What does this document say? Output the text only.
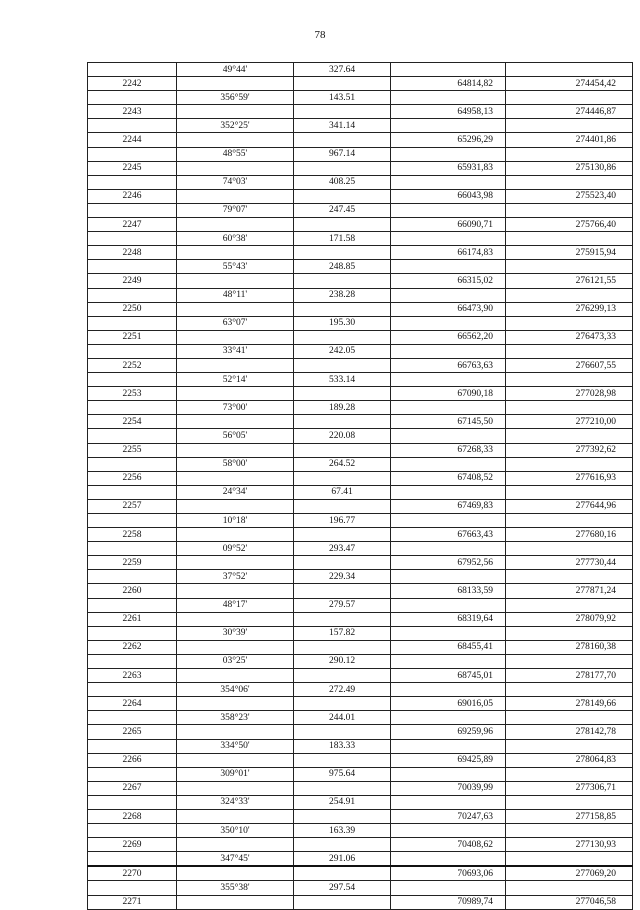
78
	49°44'	327.64		
2242			64814,82	274454,42
	356°59'	143.51		
2243			64958,13	274446,87
	352°25'	341.14		
2244			65296,29	274401,86
	48°55'	967.14		
2245			65931,83	275130,86
	74°03'	408.25		
2246			66043,98	275523,40
	79°07'	247.45		
2247			66090,71	275766,40
	60°38'	171.58		
2248			66174,83	275915,94
	55°43'	248.85		
2249			66315,02	276121,55
	48°11'	238.28		
2250			66473,90	276299,13
	63°07'	195.30		
2251			66562,20	276473,33
	33°41'	242.05		
2252			66763,63	276607,55
	52°14'	533.14		
2253			67090,18	277028,98
	73°00'	189.28		
2254			67145,50	277210,00
	56°05'	220.08		
2255			67268,33	277392,62
	58°00'	264.52		
2256			67408,52	277616,93
	24°34'	67.41		
2257			67469,83	277644,96
	10°18'	196.77		
2258			67663,43	277680,16
	09°52'	293.47		
2259			67952,56	277730,44
	37°52'	229.34		
2260			68133,59	277871,24
	48°17'	279.57		
2261			68319,64	278079,92
	30°39'	157.82		
2262			68455,41	278160,38
	03°25'	290.12		
2263			68745,01	278177,70
	354°06'	272.49		
2264			69016,05	278149,66
	358°23'	244.01		
2265			69259,96	278142,78
	334°50'	183.33		
2266			69425,89	278064,83
	309°01'	975.64		
2267			70039,99	277306,71
	324°33'	254.91		
2268			70247,63	277158,85
	350°10'	163.39		
2269			70408,62	277130,93
	347°45'	291.06		
2270			70693,06	277069,20
	355°38'	297.54		
2271			70989,74	277046,58
